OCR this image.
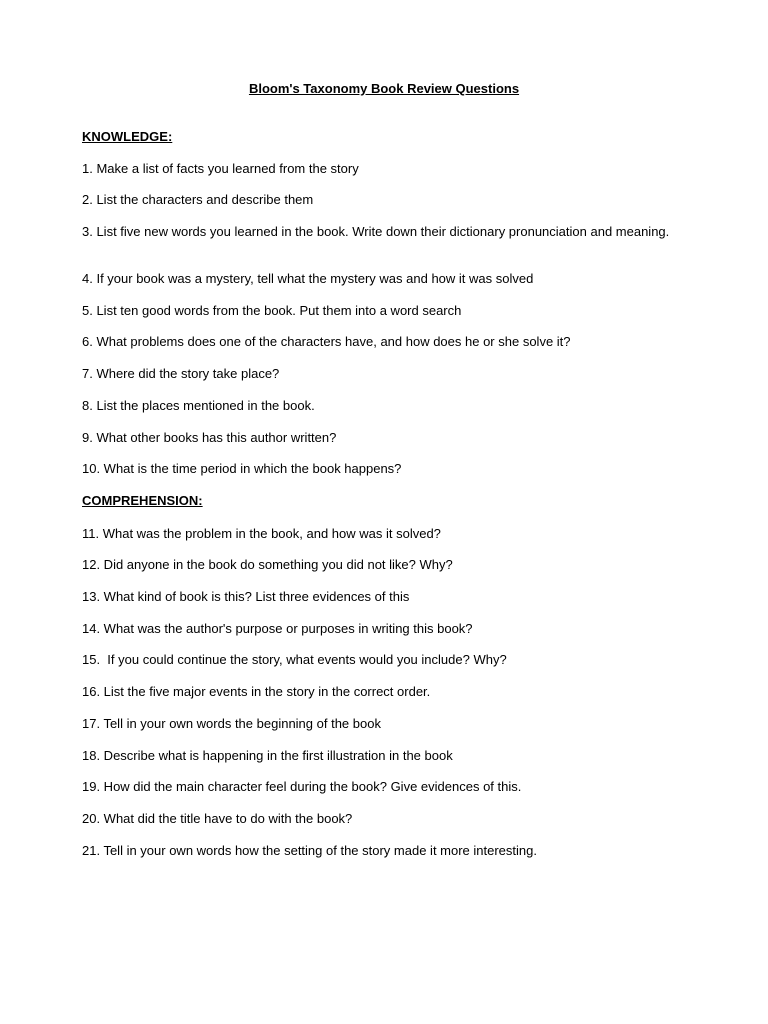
Bloom's Taxonomy Book Review Questions
KNOWLEDGE:
1. Make a list of facts you learned from the story
2. List the characters and describe them
3. List five new words you learned in the book. Write down their dictionary pronunciation and meaning.
4. If your book was a mystery, tell what the mystery was and how it was solved
5. List ten good words from the book. Put them into a word search
6. What problems does one of the characters have, and how does he or she solve it?
7. Where did the story take place?
8. List the places mentioned in the book.
9. What other books has this author written?
10. What is the time period in which the book happens?
COMPREHENSION:
11. What was the problem in the book, and how was it solved?
12. Did anyone in the book do something you did not like? Why?
13. What kind of book is this? List three evidences of this
14. What was the author's purpose or purposes in writing this book?
15.  If you could continue the story, what events would you include? Why?
16. List the five major events in the story in the correct order.
17. Tell in your own words the beginning of the book
18. Describe what is happening in the first illustration in the book
19. How did the main character feel during the book? Give evidences of this.
20. What did the title have to do with the book?
21. Tell in your own words how the setting of the story made it more interesting.
